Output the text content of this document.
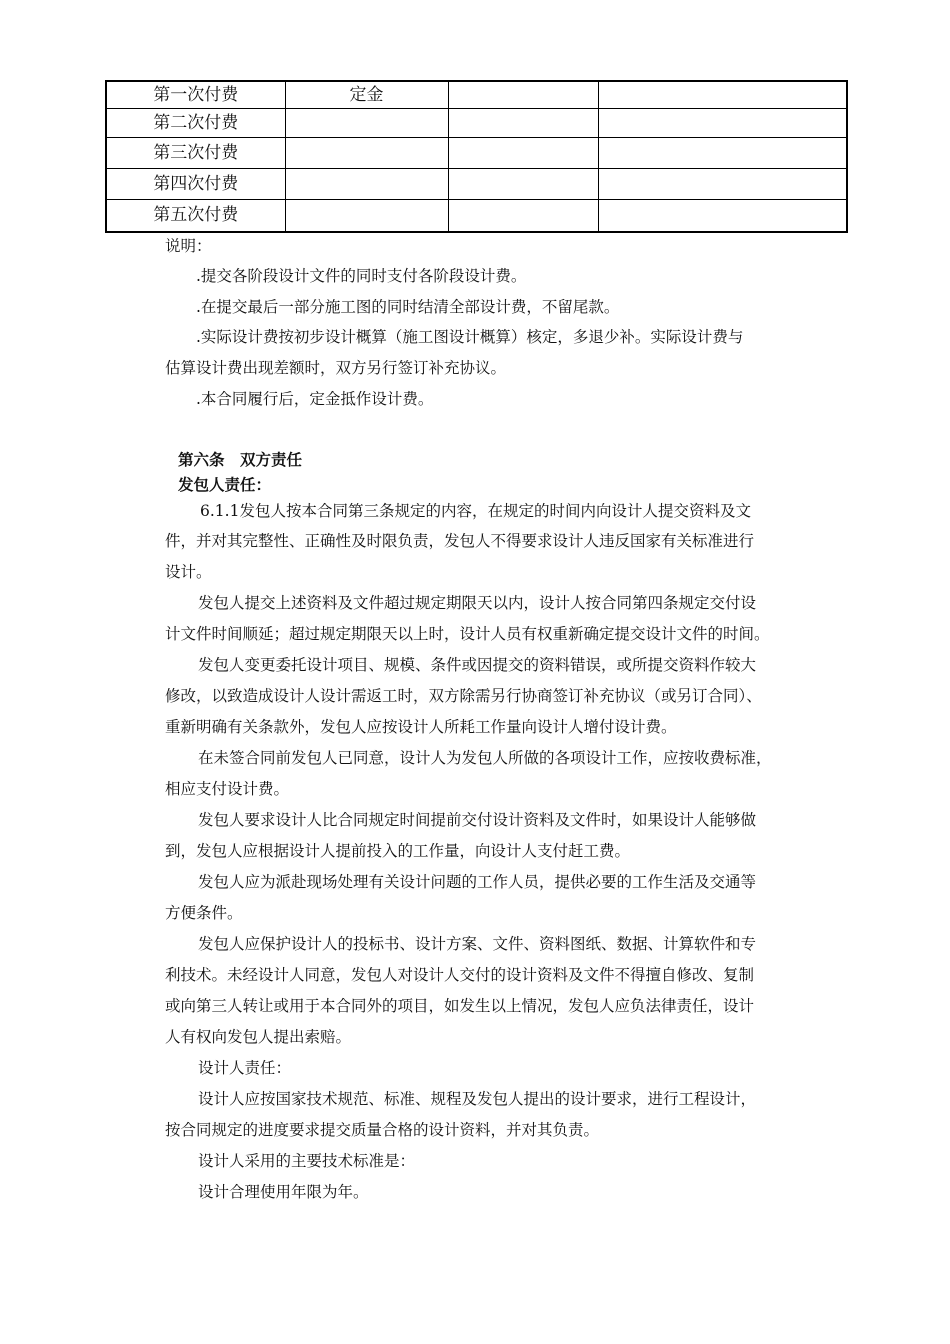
第一次付费	定金		
第二次付费			
第三次付费			
第四次付费			
第五次付费			
说明：
.提交各阶段设计文件的同时支付各阶段设计费。
.在提交最后一部分施工图的同时结清全部设计费，不留尾款。
.实际设计费按初步设计概算（施工图设计概算）核定，多退少补。实际设计费与
估算设计费出现差额时，双方另行签订补充协议。
.本合同履行后，定金抵作设计费。
第六条　双方责任
发包人责任：
6.1.1发包人按本合同第三条规定的内容，在规定的时间内向设计人提交资料及文
件，并对其完整性、正确性及时限负责，发包人不得要求设计人违反国家有关标准进行
设计。
发包人提交上述资料及文件超过规定期限天以内，设计人按合同第四条规定交付设
计文件时间顺延；超过规定期限天以上时，设计人员有权重新确定提交设计文件的时间。
发包人变更委托设计项目、规模、条件或因提交的资料错误，或所提交资料作较大
修改，以致造成设计人设计需返工时，双方除需另行协商签订补充协议（或另订合同）、
重新明确有关条款外，发包人应按设计人所耗工作量向设计人增付设计费。
在未签合同前发包人已同意，设计人为发包人所做的各项设计工作，应按收费标准，
相应支付设计费。
发包人要求设计人比合同规定时间提前交付设计资料及文件时，如果设计人能够做
到，发包人应根据设计人提前投入的工作量，向设计人支付赶工费。
发包人应为派赴现场处理有关设计问题的工作人员，提供必要的工作生活及交通等
方便条件。
发包人应保护设计人的投标书、设计方案、文件、资料图纸、数据、计算软件和专
利技术。未经设计人同意，发包人对设计人交付的设计资料及文件不得擅自修改、复制
或向第三人转让或用于本合同外的项目，如发生以上情况，发包人应负法律责任，设计
人有权向发包人提出索赔。
设计人责任：
设计人应按国家技术规范、标准、规程及发包人提出的设计要求，进行工程设计，
按合同规定的进度要求提交质量合格的设计资料，并对其负责。
设计人采用的主要技术标准是：
设计合理使用年限为年。
